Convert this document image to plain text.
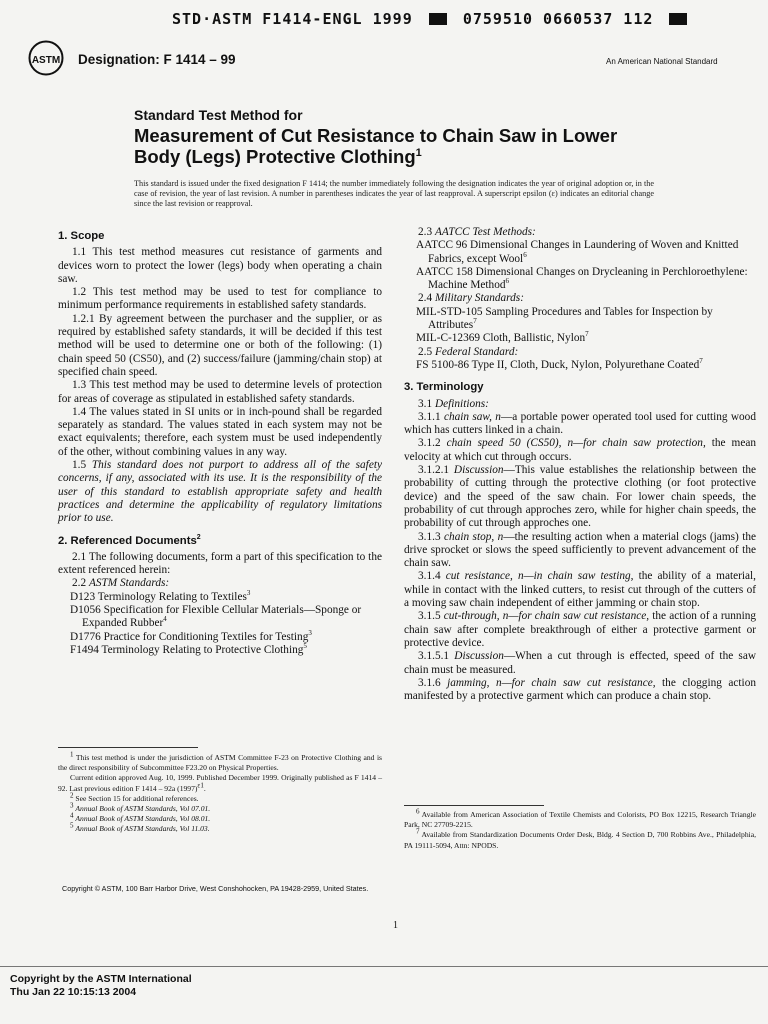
STD·ASTM F1414-ENGL 1999	0759510 0660537 112
ASTM Designation: F 1414 – 99	An American National Standard
Standard Test Method for
Measurement of Cut Resistance to Chain Saw in Lower Body (Legs) Protective Clothing$^1$
This standard is issued under the fixed designation F 1414; the number immediately following the designation indicates the year of original adoption or, in the case of revision, the year of last revision. A number in parentheses indicates the year of last reapproval. A superscript epsilon (ε) indicates an editorial change since the last revision or reapproval.
1. Scope

1.1 This test method measures cut resistance of garments and devices worn to protect the lower (legs) body when operating a chain saw.

1.2 This test method may be used to test for compliance to minimum performance requirements in established safety standards.

1.2.1 By agreement between the purchaser and the supplier, or as required by established safety standards, it will be decided if this test method will be used to determine one or both of the following: (1) chain speed 50 (CS50), and (2) success/failure (jamming/chain stop) at specified chain speed.

1.3 This test method may be used to determine levels of protection for areas of coverage as stipulated in established safety standards.

1.4 The values stated in SI units or in inch-pound shall be regarded separately as standard. The values stated in each system may not be exact equivalents; therefore, each system must be used independently of the other, without combining values in any way.

1.5 This standard does not purport to address all of the safety concerns, if any, associated with its use. It is the responsibility of the user of this standard to establish appropriate safety and health practices and determine the applicability of regulatory limitations prior to use.

2. Referenced Documents$^2$

2.1 The following documents, form a part of this specification to the extent referenced herein:

2.2 ASTM Standards:

D123 Terminology Relating to Textiles$^3$

D1056 Specification for Flexible Cellular Materials—Sponge or Expanded Rubber$^4$

D1776 Practice for Conditioning Textiles for Testing$^3$

F1494 Terminology Relating to Protective Clothing$^5$

2.3 AATCC Test Methods:

AATCC 96 Dimensional Changes in Laundering of Woven and Knitted Fabrics, except Wool$^6$

AATCC 158 Dimensional Changes on Drycleaning in Perchloroethylene: Machine Method$^6$

2.4 Military Standards:

MIL-STD-105 Sampling Procedures and Tables for Inspection by Attributes$^7$

MIL-C-12369 Cloth, Ballistic, Nylon$^7$

2.5 Federal Standard:

FS 5100-86 Type II, Cloth, Duck, Nylon, Polyurethane Coated$^7$

3. Terminology

3.1 Definitions:

3.1.1 chain saw, n—a portable power operated tool used for cutting wood which has cutters linked in a chain.

3.1.2 chain speed 50 (CS50), n—for chain saw protection, the mean velocity at which cut through occurs.

3.1.2.1 Discussion—This value establishes the relationship between the probability of cutting through the protective clothing (or foot protective device) and the speed of the saw chain. For lower chain speeds, the probability of cut through approches zero, while for higher chain speeds, the probability of cut through approches one.

3.1.3 chain stop, n—the resulting action when a material clogs (jams) the drive sprocket or slows the speed sufficiently to prevent advancement of the chain saw.

3.1.4 cut resistance, n—in chain saw testing, the ability of a material, while in contact with the linked cutters, to resist cut through of the cutters of a moving saw chain independent of either jamming or chain stop.

3.1.5 cut-through, n—for chain saw cut resistance, the action of a running chain saw after complete breakthrough of either a protective garment or protective device.

3.1.5.1 Discussion—When a cut through is effected, speed of the saw chain must be measured.

3.1.6 jamming, n—for chain saw cut resistance, the clogging action manifested by a protective garment which can produce a chain stop.

$^1$ This test method is under the jurisdiction of ASTM Committee F-23 on Protective Clothing and is the direct responsibility of Subcommittee F23.20 on Physical Properties.

Current edition approved Aug. 10, 1999. Published December 1999. Originally published as F 1414 – 92. Last previous edition F 1414 – 92a $(1997)^{\varepsilon 1}$.

$^2$ See Section 15 for additional references.

$^3$ Annual Book of ASTM Standards, Vol 07.01.

$^4$ Annual Book of ASTM Standards, Vol 08.01.

$^5$ Annual Book of ASTM Standards, Vol 11.03.

$^6$ Available from American Association of Textile Chemists and Colorists, PO Box 12215, Research Triangle Park, NC 27709-2215.

$^7$ Available from Standardization Documents Order Desk, Bldg. 4 Section D, 700 Robbins Ave., Philadelphia, PA 19111-5094, Attn: NPODS.

Copyright © ASTM, 100 Barr Harbor Drive, West Conshohocken, PA 19428-2959, United States.
1
Copyright by the ASTM International
Thu Jan 22 10:15:13 2004
